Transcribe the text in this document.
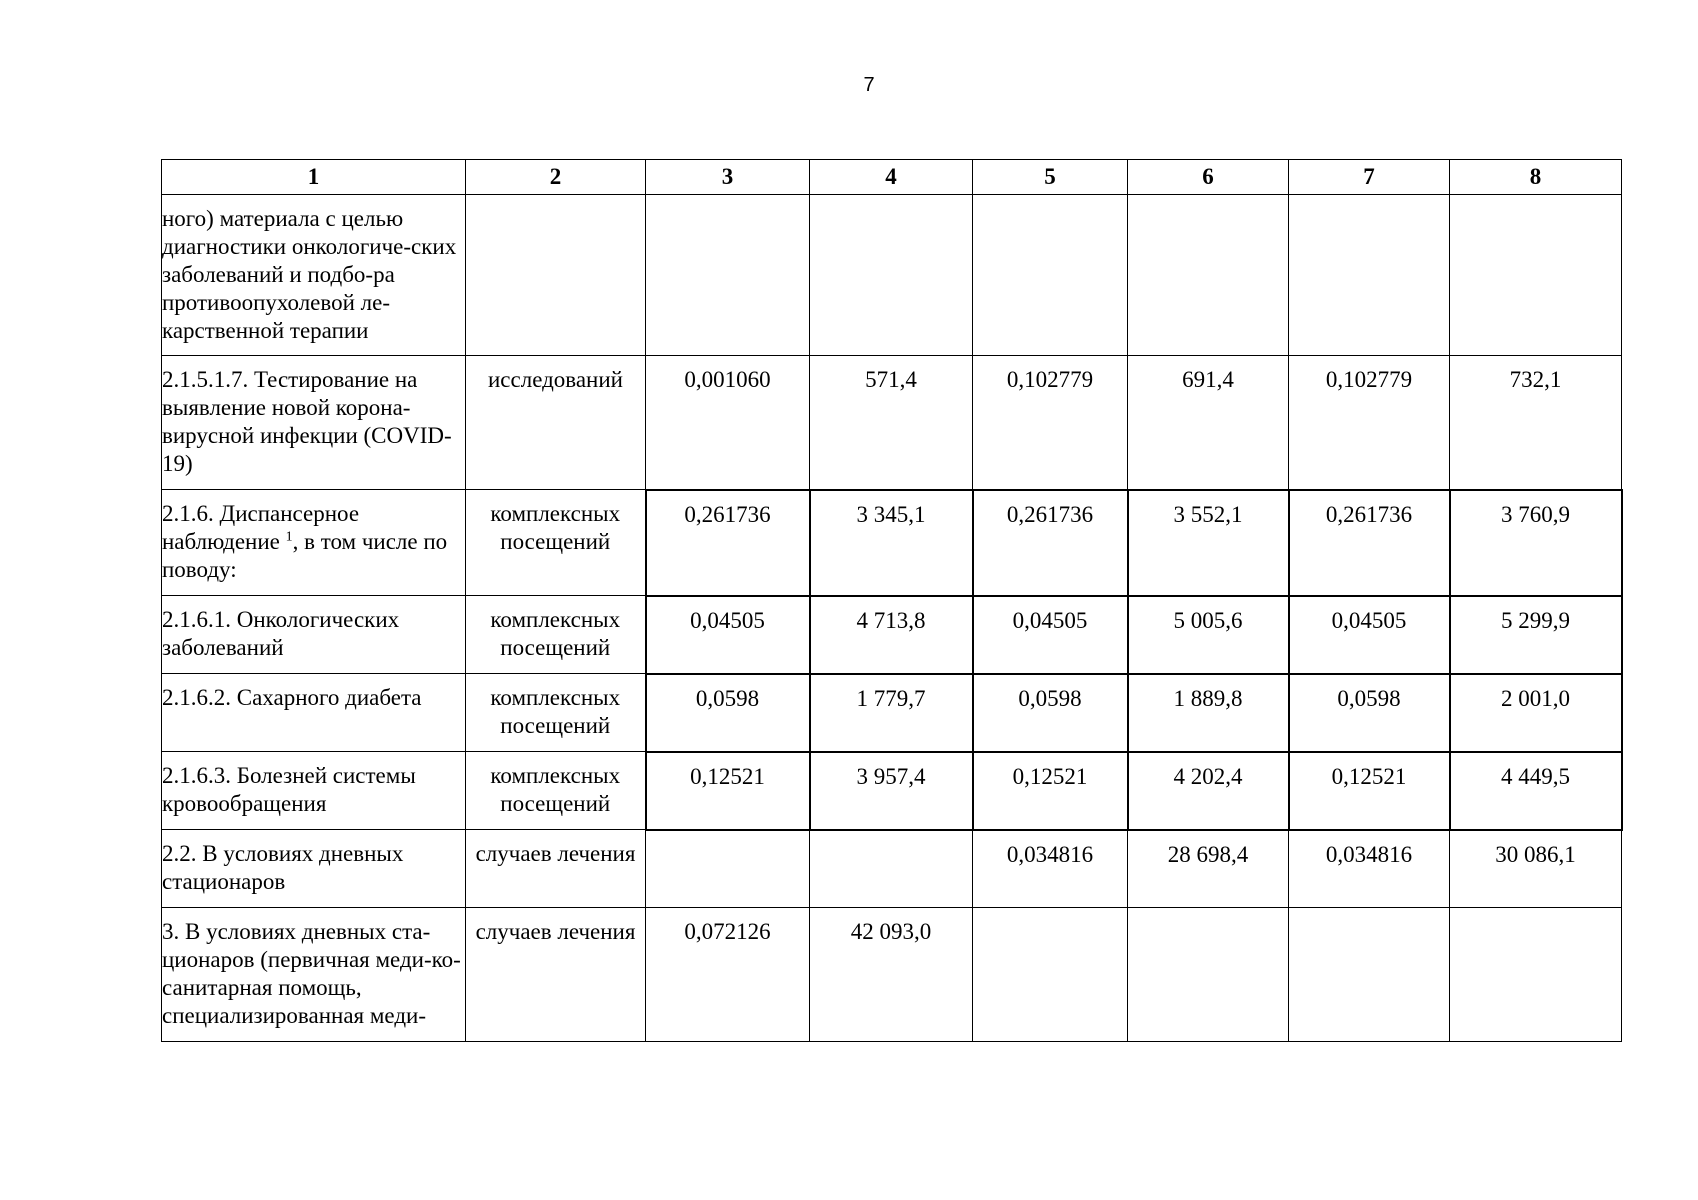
7
1	2	3	4	5	6	7	8
ного) материала с целью диагностики онкологиче-ских заболеваний и подбо-ра противоопухолевой ле-карственной терапии							
2.1.5.1.7. Тестирование на выявление новой корона-вирусной инфекции (COVID-19)	исследований	0,001060	571,4	0,102779	691,4	0,102779	732,1
2.1.6. Диспансерное наблюдение $^1$, в том числе по поводу:	комплексных посещений	0,261736	3 345,1	0,261736	3 552,1	0,261736	3 760,9
2.1.6.1. Онкологических заболеваний	комплексных посещений	0,04505	4 713,8	0,04505	5 005,6	0,04505	5 299,9
2.1.6.2. Сахарного диабета	комплексных посещений	0,0598	1 779,7	0,0598	1 889,8	0,0598	2 001,0
2.1.6.3. Болезней системы кровообращения	комплексных посещений	0,12521	3 957,4	0,12521	4 202,4	0,12521	4 449,5
2.2. В условиях дневных стационаров	случаев лечения			0,034816	28 698,4	0,034816	30 086,1
3. В условиях дневных ста-ционаров (первичная меди-ко-санитарная помощь, специализированная меди-	случаев лечения	0,072126	42 093,0				
